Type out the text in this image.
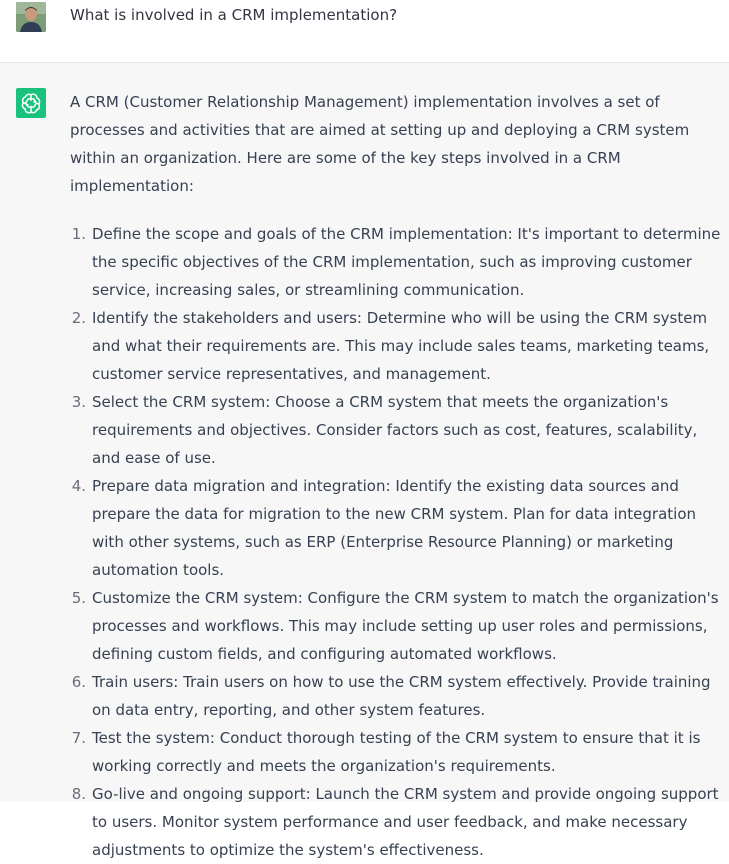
What is involved in a CRM implementation?

A CRM (Customer Relationship Management) implementation involves a set of processes and activities that are aimed at setting up and deploying a CRM system within an organization. Here are some of the key steps involved in a CRM implementation:

1. Define the scope and goals of the CRM implementation: It's important to determine the specific objectives of the CRM implementation, such as improving customer service, increasing sales, or streamlining communication.
2. Identify the stakeholders and users: Determine who will be using the CRM system and what their requirements are. This may include sales teams, marketing teams, customer service representatives, and management.
3. Select the CRM system: Choose a CRM system that meets the organization's requirements and objectives. Consider factors such as cost, features, scalability, and ease of use.
4. Prepare data migration and integration: Identify the existing data sources and prepare the data for migration to the new CRM system. Plan for data integration with other systems, such as ERP (Enterprise Resource Planning) or marketing automation tools.
5. Customize the CRM system: Configure the CRM system to match the organization's processes and workflows. This may include setting up user roles and permissions, defining custom fields, and configuring automated workflows.
6. Train users: Train users on how to use the CRM system effectively. Provide training on data entry, reporting, and other system features.
7. Test the system: Conduct thorough testing of the CRM system to ensure that it is working correctly and meets the organization's requirements.
8. Go-live and ongoing support: Launch the CRM system and provide ongoing support to users. Monitor system performance and user feedback, and make necessary adjustments to optimize the system's effectiveness.
